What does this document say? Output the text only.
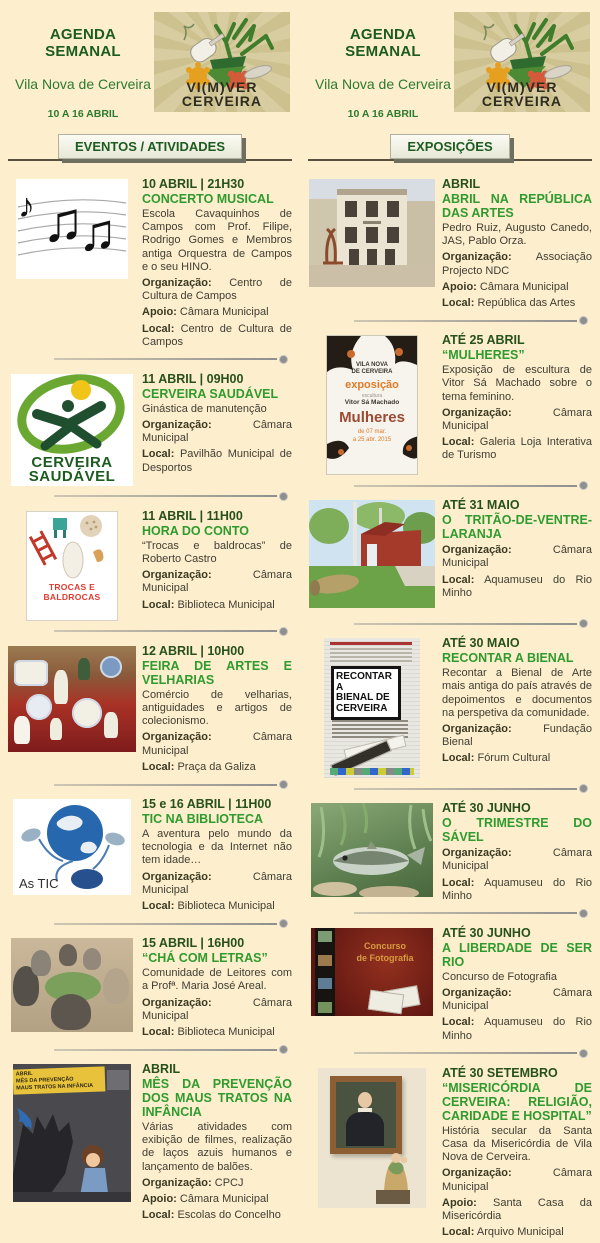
AGENDA SEMANAL
Vila Nova de Cerveira
10 A 16 ABRIL
VI(M)VER
CERVEIRA
EVENTOS / ATIVIDADES
♪ ♫
♫
10 ABRIL | 21H30
CONCERTO MUSICAL
Escola Cavaquinhos de Campos com Prof. Filipe, Rodrigo Gomes e Membros antiga Orquestra de Campos e o seu HINO.
Organização: Centro de Cultura de Campos
Apoio: Câmara Municipal
Local: Centro de Cultura de Campos
CERVEIRA
SAUDÁVEL
11 ABRIL | 09H00
CERVEIRA SAUDÁVEL
Ginástica de manutenção
Organização:	Câmara Municipal
Local: Pavilhão Municipal de Desportos
TROCAS E BALDROCAS
11 ABRIL | 11H00
HORA DO CONTO
“Trocas e baldrocas” de Roberto Castro
Organização:	Câmara Municipal
Local: Biblioteca Municipal
12 ABRIL | 10H00
FEIRA DE ARTES E VELHARIAS
Comércio de velharias, antiguidades e artigos de colecionismo.
Organização:	Câmara Municipal
Local: Praça da Galiza
As TIC
15 e 16 ABRIL | 11H00
TIC NA BIBLIOTECA
A aventura pelo mundo da tecnologia e da Internet não tem idade…
Organização:	Câmara Municipal
Local: Biblioteca Municipal
15 ABRIL | 16H00
“CHÁ COM LETRAS”
Comunidade de Leitores com a Profª. Maria José Areal.
Organização:	Câmara Municipal
Local: Biblioteca Municipal
ABRIL
MÊS DA PREVENÇÃO
MAUS TRATOS NA INFÂNCIA
ABRIL
MÊS DA PREVENÇÃO DOS MAUS TRATOS NA INFÂNCIA
Várias atividades com exibição de filmes, realização de laços azuis humanos e lançamento de balões.
Organização: CPCJ
Apoio: Câmara Municipal
Local: Escolas do Concelho
AGENDA SEMANAL
Vila Nova de Cerveira
10 A 16 ABRIL
VI(M)VER
CERVEIRA
EXPOSIÇÕES
ABRIL
ABRIL NA REPÚBLICA DAS ARTES
Pedro Ruiz, Augusto Canedo, JAS, Pablo Orza.
Organização: Associação Projecto NDC
Apoio: Câmara Municipal
Local: República das Artes
VILA NOVA
DE CERVEIRA
exposição
escultura
Vitor Sá Machado
Mulheres
de 07 mar.
a 25 abr. 2015
ATÉ 25 ABRIL
“MULHERES”
Exposição de escultura de Vitor Sá Machado sobre o tema feminino.
Organização:	Câmara Municipal
Local: Galeria Loja Interativa de Turismo
ATÉ 31 MAIO
O TRITÃO-DE-VENTRE-LARANJA
Organização:	Câmara Municipal
Local: Aquamuseu do Rio Minho
RECONTAR A
BIENAL DE
CERVEIRA
ATÉ 30 MAIO
RECONTAR A BIENAL
Recontar a Bienal de Arte mais antiga do país através de depoimentos e documentos na perspetiva da comunidade.
Organização:	Fundação Bienal
Local: Fórum Cultural
ATÉ 30 JUNHO
O TRIMESTRE DO SÁVEL
Organização:	Câmara Municipal
Local: Aquamuseu do Rio Minho
Concurso
de Fotografia
ATÉ 30 JUNHO
A LIBERDADE DE SER RIO
Concurso de Fotografia
Organização:	Câmara Municipal
Local: Aquamuseu do Rio Minho
ATÉ 30 SETEMBRO
“MISERICÓRDIA DE CERVEIRA: RELIGIÃO, CARIDADE E HOSPITAL”
História secular da Santa Casa da Misericórdia de Vila Nova de Cerveira.
Organização:	Câmara Municipal
Apoio: Santa Casa da Misericórdia
Local: Arquivo Municipal
